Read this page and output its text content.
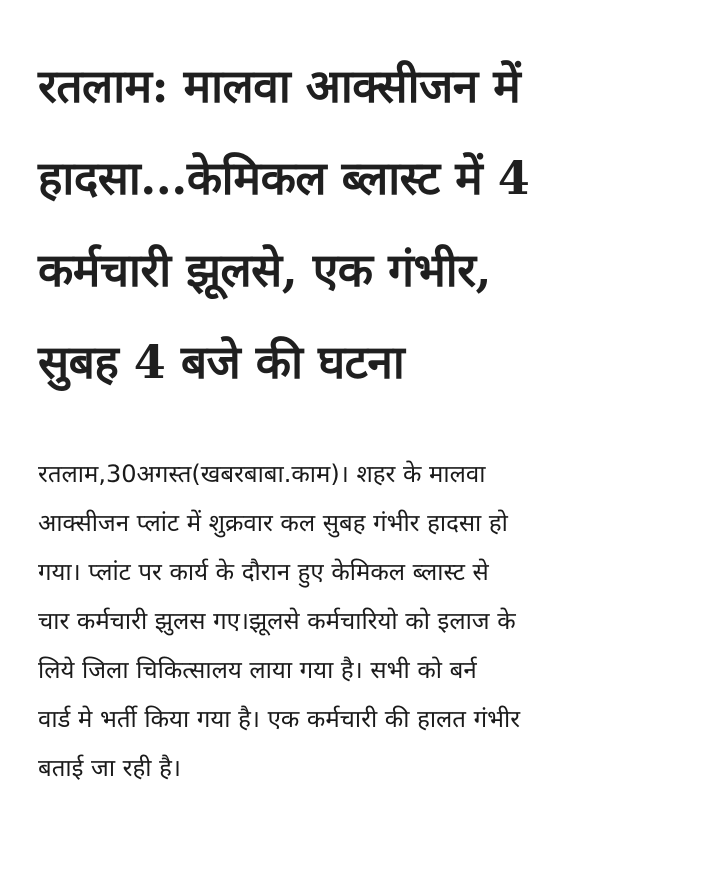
रतलाम: मालवा आक्सीजन में
हादसा...केमिकल ब्लास्ट में 4
कर्मचारी झूलसे, एक गंभीर,
सुबह 4 बजे की घटना
रतलाम,30अगस्त(खबरबाबा.काम)। शहर के मालवा
आक्सीजन प्लांट में शुक्रवार कल सुबह गंभीर हादसा हो
गया। प्लांट पर कार्य के दौरान हुए केमिकल ब्लास्ट से
चार कर्मचारी झुलस गए।झूलसे कर्मचारियो को इलाज के
लिये जिला चिकित्सालय लाया गया है। सभी को बर्न
वार्ड मे भर्ती किया गया है। एक कर्मचारी की हालत गंभीर
बताई जा रही है।
